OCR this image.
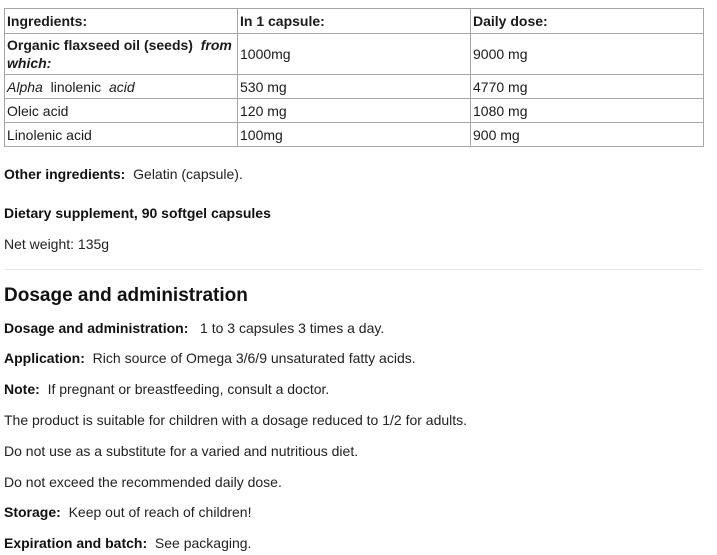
Ingredients:	In 1 capsule:	Daily dose:
Organic flaxseed oil (seeds) from which:	1000mg	9000 mg
Alpha linolenic acid	530 mg	4770 mg
Oleic acid	120 mg	1080 mg
Linolenic acid	100mg	900 mg
Other ingredients: Gelatin (capsule).
Dietary supplement, 90 softgel capsules
Net weight: 135g
Dosage and administration
Dosage and administration: 1 to 3 capsules 3 times a day.
Application: Rich source of Omega 3/6/9 unsaturated fatty acids.
Note: If pregnant or breastfeeding, consult a doctor.
The product is suitable for children with a dosage reduced to 1/2 for adults.
Do not use as a substitute for a varied and nutritious diet.
Do not exceed the recommended daily dose.
Storage: Keep out of reach of children!
Expiration and batch: See packaging.
